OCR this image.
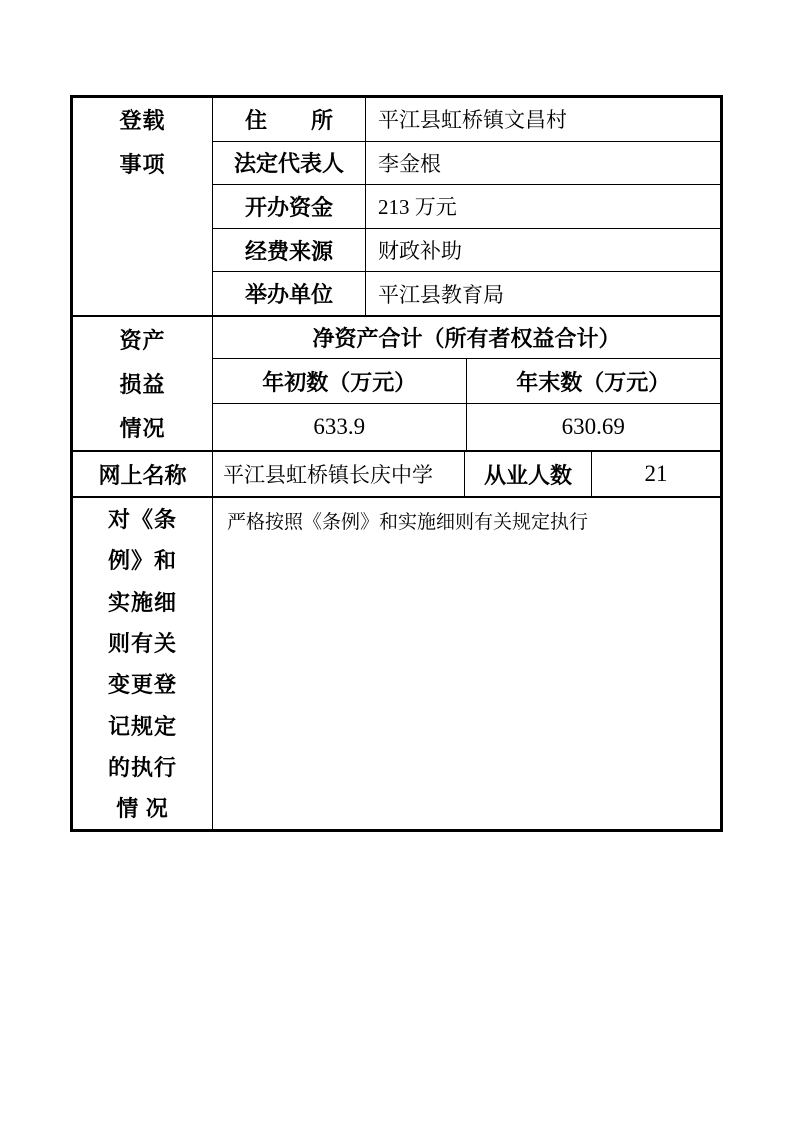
登载
事项
住　　所	平江县虹桥镇文昌村
法定代表人	李金根
开办资金	213 万元
经费来源	财政补助
举办单位	平江县教育局
资产
损益
情况
净资产合计（所有者权益合计）
年初数（万元）	年末数（万元）
633.9	630.69
网上名称	平江县虹桥镇长庆中学	从业人数	21
对《条
例》和
实施细
则有关
变更登
记规定
的执行
情 况
严格按照《条例》和实施细则有关规定执行
